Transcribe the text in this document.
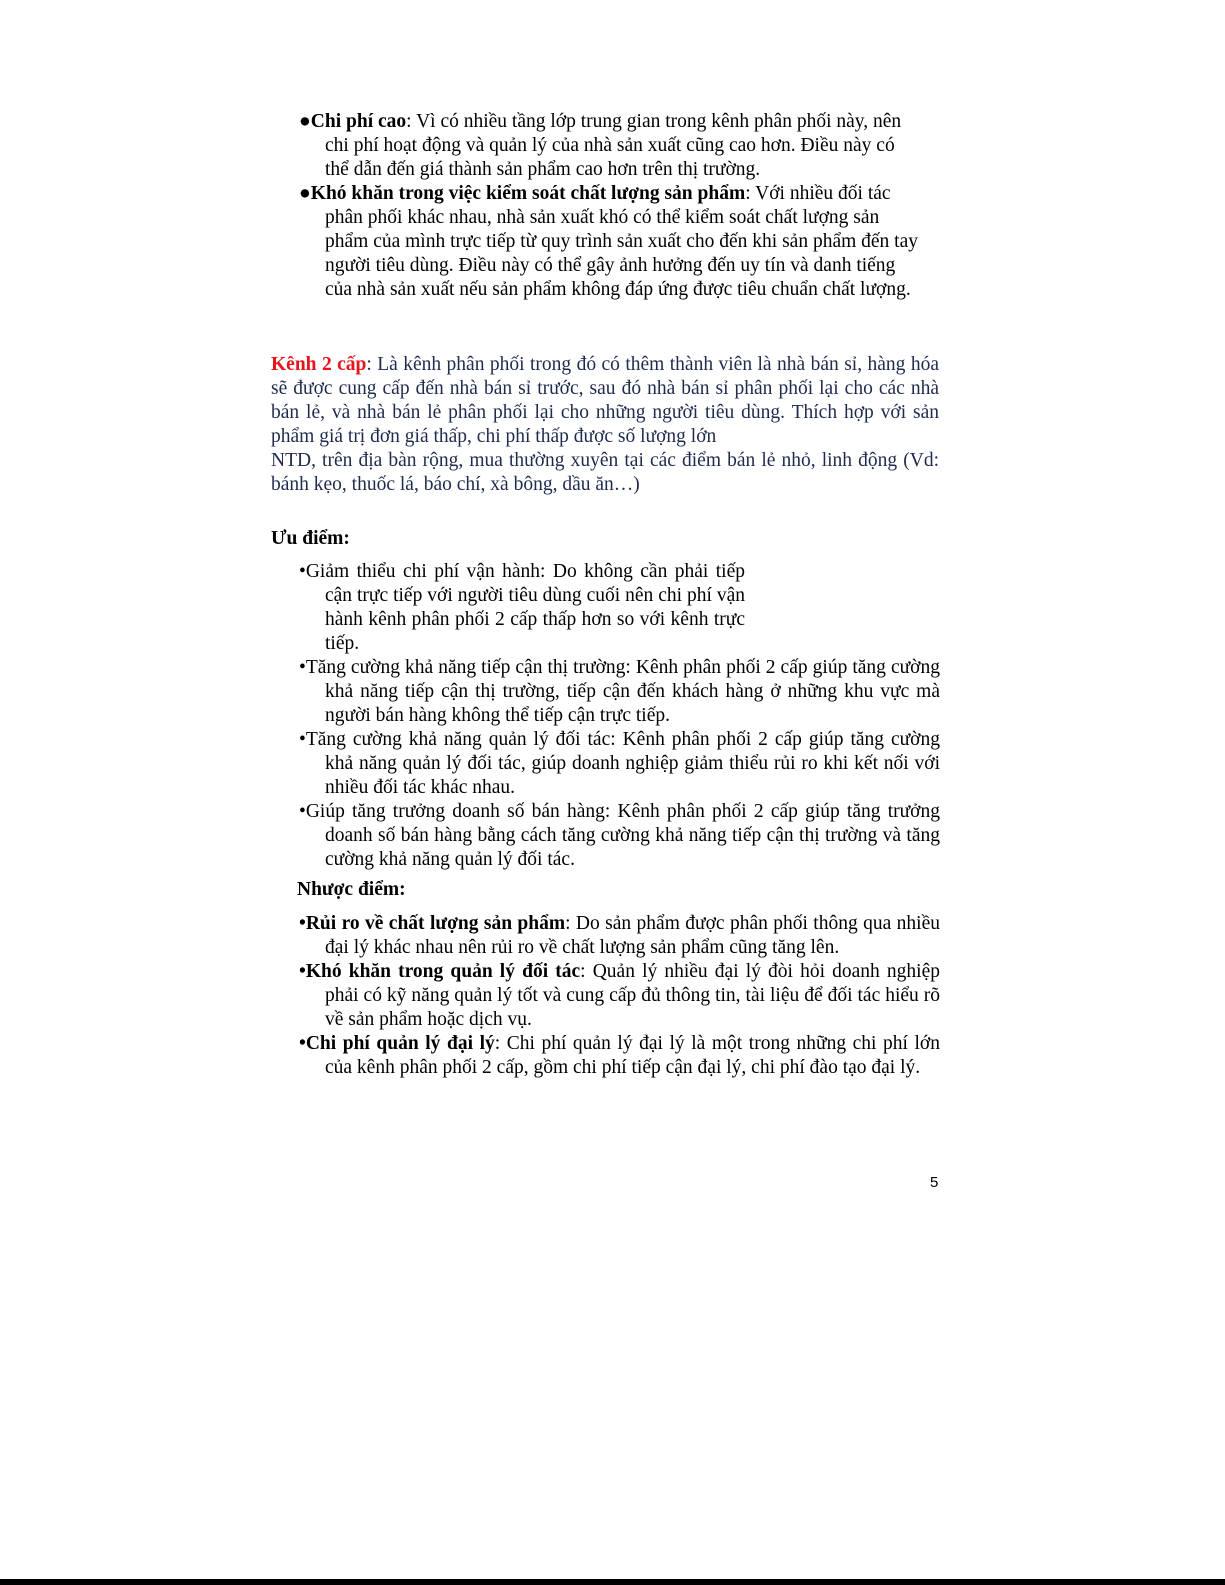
●Chi phí cao: Vì có nhiều tầng lớp trung gian trong kênh phân phối này, nên chi phí hoạt động và quản lý của nhà sản xuất cũng cao hơn. Điều này có thể dẫn đến giá thành sản phẩm cao hơn trên thị trường.
●Khó khăn trong việc kiểm soát chất lượng sản phẩm: Với nhiều đối tác phân phối khác nhau, nhà sản xuất khó có thể kiểm soát chất lượng sản phẩm của mình trực tiếp từ quy trình sản xuất cho đến khi sản phẩm đến tay người tiêu dùng. Điều này có thể gây ảnh hưởng đến uy tín và danh tiếng của nhà sản xuất nếu sản phẩm không đáp ứng được tiêu chuẩn chất lượng.
Kênh 2 cấp: Là kênh phân phối trong đó có thêm thành viên là nhà bán sỉ, hàng hóa sẽ được cung cấp đến nhà bán sỉ trước, sau đó nhà bán sỉ phân phối lại cho các nhà bán lẻ, và nhà bán lẻ phân phối lại cho những người tiêu dùng. Thích hợp với sản phẩm giá trị đơn giá thấp, chi phí thấp được số lượng lớn
NTD, trên địa bàn rộng, mua thường xuyên tại các điểm bán lẻ nhỏ, linh động (Vd: bánh kẹo, thuốc lá, báo chí, xà bông, dầu ăn…)
Ưu điểm:
•Giảm thiểu chi phí vận hành: Do không cần phải tiếp cận trực tiếp với người tiêu dùng cuối nên chi phí vận hành kênh phân phối 2 cấp thấp hơn so với kênh trực tiếp.
•Tăng cường khả năng tiếp cận thị trường: Kênh phân phối 2 cấp giúp tăng cường khả năng tiếp cận thị trường, tiếp cận đến khách hàng ở những khu vực mà người bán hàng không thể tiếp cận trực tiếp.
•Tăng cường khả năng quản lý đối tác: Kênh phân phối 2 cấp giúp tăng cường khả năng quản lý đối tác, giúp doanh nghiệp giảm thiểu rủi ro khi kết nối với nhiều đối tác khác nhau.
•Giúp tăng trưởng doanh số bán hàng: Kênh phân phối 2 cấp giúp tăng trưởng doanh số bán hàng bằng cách tăng cường khả năng tiếp cận thị trường và tăng cường khả năng quản lý đối tác.
Nhược điểm:
•Rủi ro về chất lượng sản phẩm: Do sản phẩm được phân phối thông qua nhiều đại lý khác nhau nên rủi ro về chất lượng sản phẩm cũng tăng lên.
•Khó khăn trong quản lý đối tác: Quản lý nhiều đại lý đòi hỏi doanh nghiệp phải có kỹ năng quản lý tốt và cung cấp đủ thông tin, tài liệu để đối tác hiểu rõ về sản phẩm hoặc dịch vụ.
•Chi phí quản lý đại lý: Chi phí quản lý đại lý là một trong những chi phí lớn của kênh phân phối 2 cấp, gồm chi phí tiếp cận đại lý, chi phí đào tạo đại lý.
5
